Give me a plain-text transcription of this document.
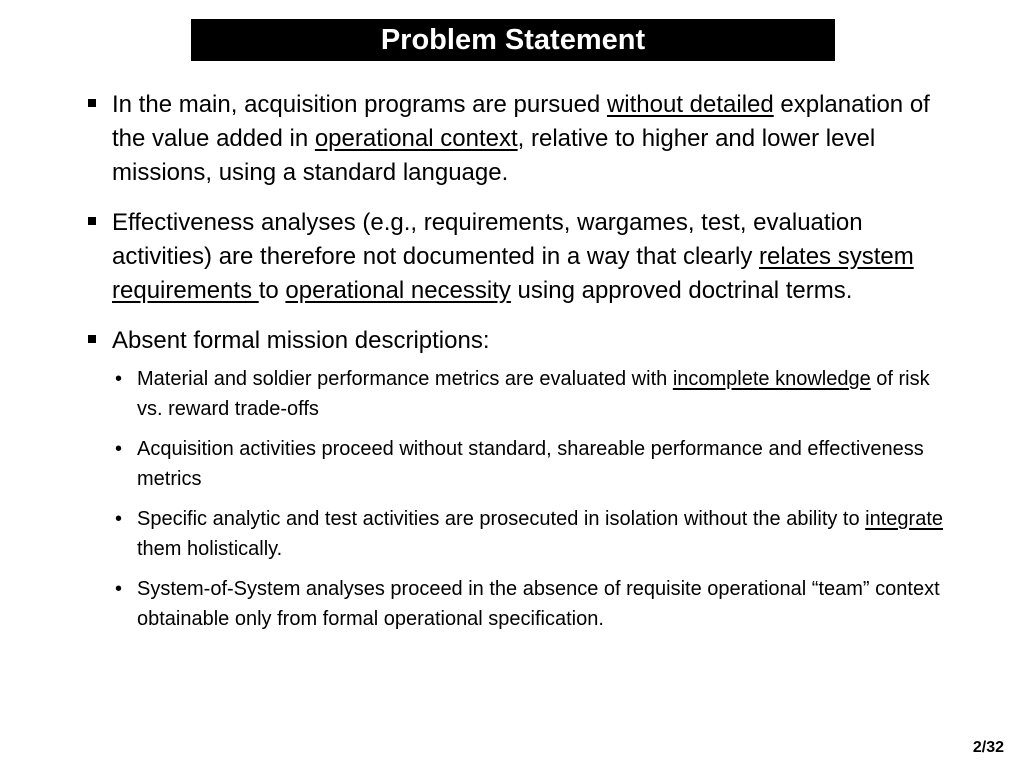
Problem Statement
In the main, acquisition programs are pursued without detailed explanation of the value added in operational context, relative to higher and lower level missions, using a standard language.
Effectiveness analyses (e.g., requirements, wargames, test, evaluation activities) are therefore not documented in a way that clearly relates system requirements to operational necessity using approved doctrinal terms.
Absent formal mission descriptions:
• Material and soldier performance metrics are evaluated with incomplete knowledge of risk vs. reward trade-offs
• Acquisition activities proceed without standard, shareable performance and effectiveness metrics
• Specific analytic and test activities are prosecuted in isolation without the ability to integrate them holistically.
• System-of-System analyses proceed in the absence of requisite operational “team” context obtainable only from formal operational specification.
2/32
